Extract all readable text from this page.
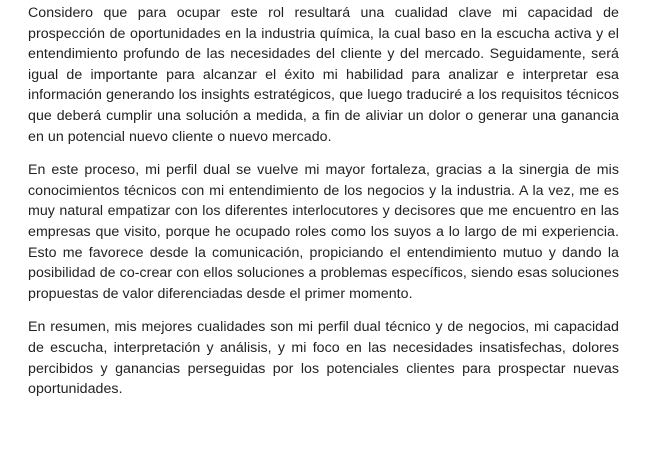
Considero que para ocupar este rol resultará una cualidad clave mi capacidad de prospección de oportunidades en la industria química, la cual baso en la escucha activa y el entendimiento profundo de las necesidades del cliente y del mercado. Seguidamente, será igual de importante para alcanzar el éxito mi habilidad para analizar e interpretar esa información generando los insights estratégicos, que luego traduciré a los requisitos técnicos que deberá cumplir una solución a medida, a fin de aliviar un dolor o generar una ganancia en un potencial nuevo cliente o nuevo mercado.

En este proceso, mi perfil dual se vuelve mi mayor fortaleza, gracias a la sinergia de mis conocimientos técnicos con mi entendimiento de los negocios y la industria. A la vez, me es muy natural empatizar con los diferentes interlocutores y decisores que me encuentro en las empresas que visito, porque he ocupado roles como los suyos a lo largo de mi experiencia. Esto me favorece desde la comunicación, propiciando el entendimiento mutuo y dando la posibilidad de co-crear con ellos soluciones a problemas específicos, siendo esas soluciones propuestas de valor diferenciadas desde el primer momento.

En resumen, mis mejores cualidades son mi perfil dual técnico y de negocios, mi capacidad de escucha, interpretación y análisis, y mi foco en las necesidades insatisfechas, dolores percibidos y ganancias perseguidas por los potenciales clientes para prospectar nuevas oportunidades.
